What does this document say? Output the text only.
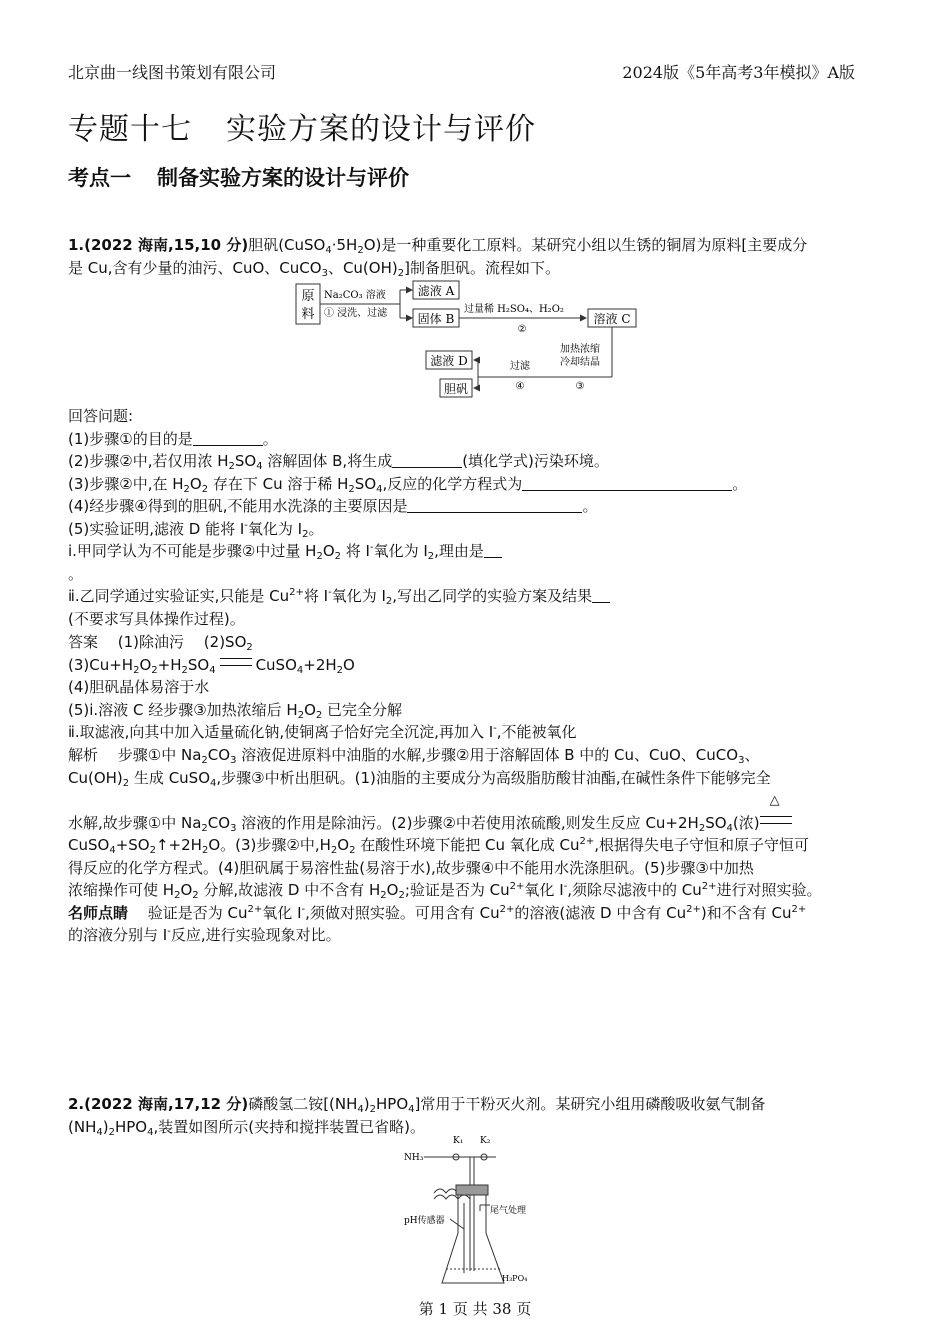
北京曲一线图书策划有限公司	2024版《5年高考3年模拟》A版
专题十七 实验方案的设计与评价
考点一 制备实验方案的设计与评价
1.(2022 海南,15,10 分)胆矾$(CuSO_4\cdot 5H_2O)$是一种重要化工原料。某研究小组以生锈的铜屑为原料[主要成分
是 Cu,含有少量的油污、CuO、CuCO$_3$、$Cu(OH)_2$]制备胆矾。流程如下。
原
料
Na₂CO₃ 溶液
① 浸洗、过滤
滤液 A
固体 B
过量稀 H₂SO₄、H₂O₂
②
溶液 C
加热浓缩
冷却结晶
③
过滤
④
滤液 D
胆矾
回答问题:
(1)步骤①的目的是	。
(2)步骤②中,若仅用浓 $H_2SO_4$ 溶解固体 B,将生成	(填化学式)污染环境。
(3)步骤②中,在 $H_2O_2$ 存在下 Cu 溶于稀 $H_2SO_4$,反应的化学方程式为	。
(4)经步骤④得到的胆矾,不能用水洗涤的主要原因是	。
(5)实验证明,滤液 D 能将 I-氧化为 $I_2$。
ⅰ.甲同学认为不可能是步骤②中过量 $H_2O_2$ 将 I-氧化为 $I_2$,理由是
。
ⅱ.乙同学通过实验证实,只能是 $Cu^{2+}$将 I-氧化为 $I_2$,写出乙同学的实验方案及结果
(不要求写具体操作过程)。
答案　 (1)除油污　 $(2)SO_2$
$(3)Cu+H_2O_2+H_2SO_4$	$CuSO_4+2H_2O$
(4)胆矾晶体易溶于水
(5)ⅰ.溶液 C 经步骤③加热浓缩后 $H_2O_2$ 已完全分解
ⅱ.取滤液,向其中加入适量硫化钠,使铜离子恰好完全沉淀,再加入 I-,不能被氧化
解析　 步骤①中 $Na_2CO_3$ 溶液促进原料中油脂的水解,步骤②用于溶解固体 B 中的 Cu、CuO、CuCO$_3$、
$Cu(OH)_2$ 生成 CuSO$_4$,步骤③中析出胆矾。(1)油脂的主要成分为高级脂肪酸甘油酯,在碱性条件下能够完全

水解,故步骤①中 $Na_2CO_3$ 溶液的作用是除油污。(2)步骤②中若使用浓硫酸,则发生反应 $Cu+2H_2SO_4$(浓)
△

$CuSO_4+SO_2↑+2H_2O$。(3)步骤②中$,H_2O_2$ 在酸性环境下能把 Cu 氧化成 $Cu^{2+}$,根据得失电子守恒和原子守恒可
得反应的化学方程式。(4)胆矾属于易溶性盐(易溶于水),故步骤④中不能用水洗涤胆矾。(5)步骤③中加热
浓缩操作可使 $H_2O_2$ 分解,故滤液 D 中不含有 $H_2O_2$;验证是否为 $Cu^{2+}$氧化 I-,须除尽滤液中的 $Cu^{2+}$进行对照实验。
名师点睛　 验证是否为 $Cu^{2+}$氧化 I-,须做对照实验。可用含有 $Cu^{2+}$的溶液(滤液 D 中含有 $Cu^{2+}$)和不含有 $Cu^{2+}$
的溶液分别与 I-反应,进行实验现象对比。
2.(2022 海南,17,12 分)磷酸氢二铵$[(NH_4)_2HPO_4]$常用于干粉灭火剂。某研究小组用磷酸吸收氨气制备
$(NH_4)_2HPO_4$,装置如图所示(夹持和搅拌装置已省略)。
K₁ K₂
NH₃
pH传感器
尾气处理
H₃PO₄
第 1 页 共 38 页
